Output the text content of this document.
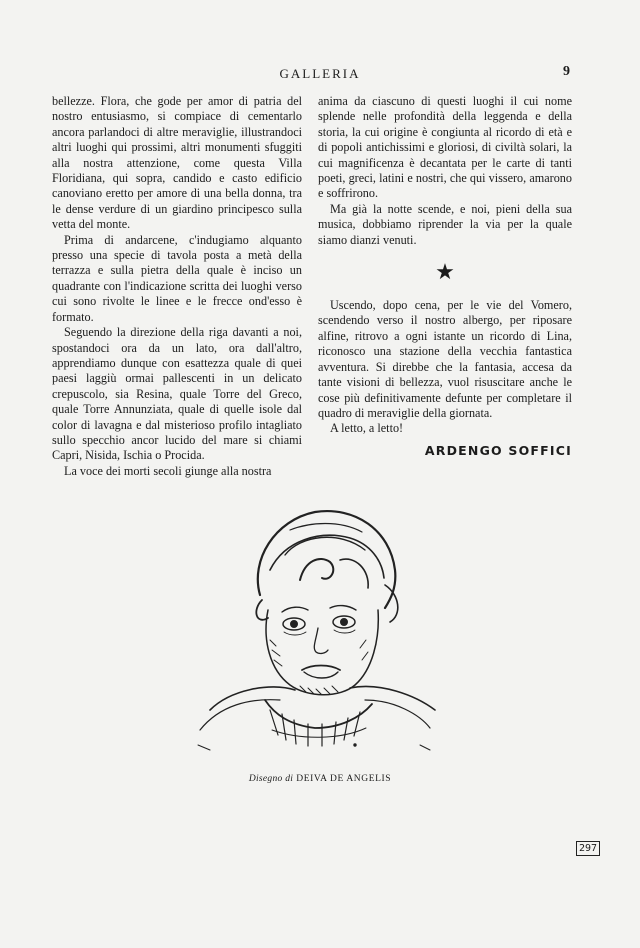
GALLERIA	9

bellezze. Flora, che gode per amor di patria del nostro entusiasmo, si compiace di cementarlo ancora parlandoci di altre meraviglie, illustrandoci altri luoghi qui prossimi, altri monumenti sfuggiti alla nostra attenzione, come questa Villa Floridiana, qui sopra, candido e casto edificio canoviano eretto per amore di una bella donna, tra le dense verdure di un giardino principesco sulla vetta del monte.

Prima di andarcene, c'indugiamo alquanto presso una specie di tavola posta a metà della terrazza e sulla pietra della quale è inciso un quadrante con l'indicazione scritta dei luoghi verso cui sono rivolte le linee e le frecce ond'esso è formato.

Seguendo la direzione della riga davanti a noi, spostandoci ora da un lato, ora dall'altro, apprendiamo dunque con esattezza quale di quei paesi laggiù ormai pallescenti in un delicato crepuscolo, sia Resina, quale Torre del Greco, quale Torre Annunziata, quale di quelle isole dal color di lavagna e dal misterioso profilo intagliato sullo specchio ancor lucido del mare si chiami Capri, Nisida, Ischia o Procida.

La voce dei morti secoli giunge alla nostra

anima da ciascuno di questi luoghi il cui nome splende nelle profondità della leggenda e della storia, la cui origine è congiunta al ricordo di età e di popoli antichissimi e gloriosi, di civiltà solari, la cui magnificenza è decantata per le carte di tanti poeti, greci, latini e nostri, che qui vissero, amarono e soffrirono.

Ma già la notte scende, e noi, pieni della sua musica, dobbiamo riprender la via per la quale siamo dianzi venuti.

★

Uscendo, dopo cena, per le vie del Vomero, scendendo verso il nostro albergo, per riposare alfine, ritrovo a ogni istante un ricordo di Lina, riconosco una stazione della vecchia fantastica avventura. Si direbbe che la fantasia, accesa da tante visioni di bellezza, vuol risuscitare anche le cose più definitivamente defunte per completare il quadro di meraviglie della giornata.

A letto, a letto!

ARDENGO SOFFICI
Disegno di DEIVA DE ANGELIS
297
